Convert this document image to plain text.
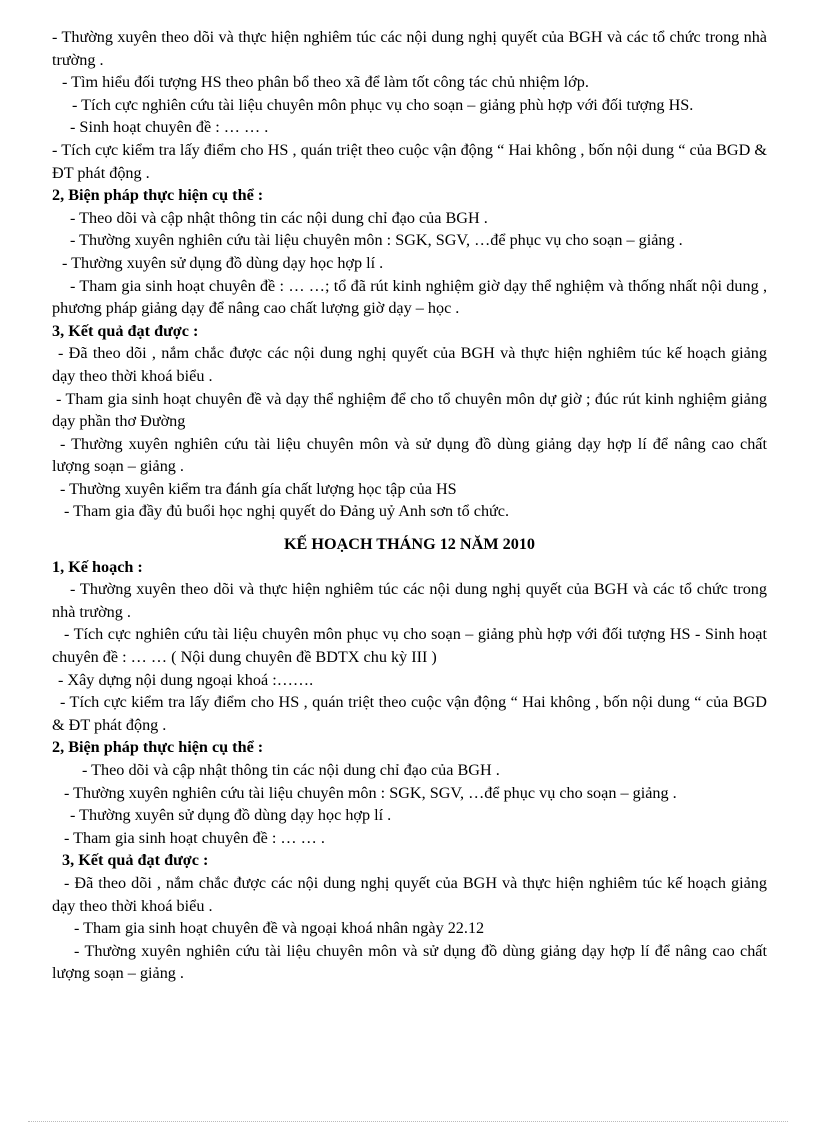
- Thường xuyên theo dõi và thực hiện nghiêm túc các nội dung nghị quyết của BGH và các tổ chức trong nhà trường .

- Tìm hiểu đối tượng HS theo phân bổ theo xã để làm tốt công tác chủ nhiệm lớp.

- Tích cực nghiên cứu tài liệu chuyên môn phục vụ cho soạn – giảng phù hợp với đối tượng HS.

- Sinh hoạt chuyên đề : … … .

- Tích cực kiểm tra lấy điểm cho HS , quán triệt theo cuộc vận động “ Hai không , bốn nội dung “ của BGD & ĐT phát động .

2, Biện pháp thực hiện cụ thể :

- Theo dõi và cập nhật thông tin các nội dung chỉ đạo của BGH .

- Thường xuyên nghiên cứu tài liệu chuyên môn : SGK, SGV, …để phục vụ cho soạn – giảng .

- Thường xuyên sử dụng đồ dùng dạy học hợp lí .

- Tham gia sinh hoạt chuyên đề : … …; tổ đã rút kinh nghiệm giờ dạy thể nghiệm và thống nhất nội dung , phương pháp giảng dạy để nâng cao chất lượng giờ dạy – học .

3, Kết quả đạt được :

- Đã theo dõi , nắm chắc được các nội dung nghị quyết của BGH và thực hiện nghiêm túc kế hoạch giảng dạy theo thời khoá biểu .

- Tham gia sinh hoạt chuyên đề và dạy thể nghiệm để cho tổ chuyên môn dự giờ ; đúc rút kinh nghiệm giảng dạy phần thơ Đường

- Thường xuyên nghiên cứu tài liệu chuyên môn và sử dụng đồ dùng giảng dạy hợp lí để nâng cao chất lượng soạn – giảng .

- Thường xuyên kiểm tra đánh gía chất lượng học tập của HS

- Tham gia đầy đủ buổi học nghị quyết do Đảng uỷ Anh sơn tổ chức.

KẾ HOẠCH THÁNG 12 NĂM 2010

1, Kế hoạch :

- Thường xuyên theo dõi và thực hiện nghiêm túc các nội dung nghị quyết của BGH và các tổ chức trong nhà trường .

- Tích cực nghiên cứu tài liệu chuyên môn phục vụ cho soạn – giảng phù hợp với đối tượng HS - Sinh hoạt chuyên đề : … … ( Nội dung chuyên đề BDTX chu kỳ III )

- Xây dựng nội dung ngoại khoá :…….

- Tích cực kiểm tra lấy điểm cho HS , quán triệt theo cuộc vận động “ Hai không , bốn nội dung “ của BGD & ĐT phát động .

2, Biện pháp thực hiện cụ thể :

- Theo dõi và cập nhật thông tin các nội dung chỉ đạo của BGH .

- Thường xuyên nghiên cứu tài liệu chuyên môn : SGK, SGV, …để phục vụ cho soạn – giảng .

- Thường xuyên sử dụng đồ dùng dạy học hợp lí .

- Tham gia sinh hoạt chuyên đề : … … .

3, Kết quả đạt được :

- Đã theo dõi , nắm chắc được các nội dung nghị quyết của BGH và thực hiện nghiêm túc kế hoạch giảng dạy theo thời khoá biểu .

- Tham gia sinh hoạt chuyên đề và ngoại khoá nhân ngày 22.12

- Thường xuyên nghiên cứu tài liệu chuyên môn và sử dụng đồ dùng giảng dạy hợp lí để nâng cao chất lượng soạn – giảng .
